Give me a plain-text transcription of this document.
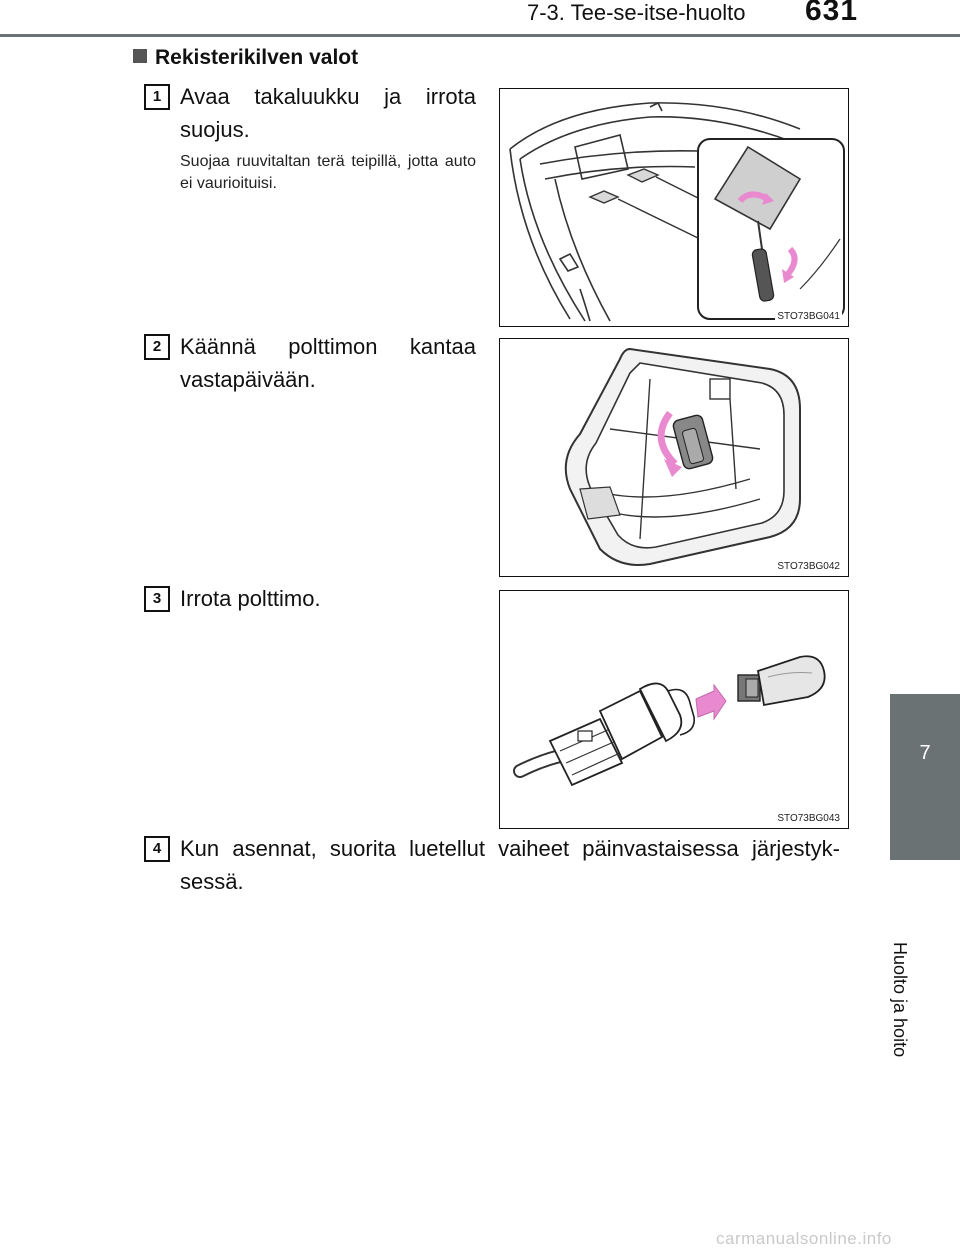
7-3. Tee-se-itse-huolto 631
7
Huolto ja hoito
Rekisterikilven valot
1 Avaa takaluukku ja irrota suojus.
Suojaa ruuvitaltan terä teipillä, jotta auto ei vaurioituisi.
STO73BG041
2 Käännä polttimon kantaa vastapäivään.
STO73BG042
3 Irrota polttimo.
STO73BG043
4 Kun asennat, suorita luetellut vaiheet päinvastaisessa järjestyksessä.
carmanualsonline.info
